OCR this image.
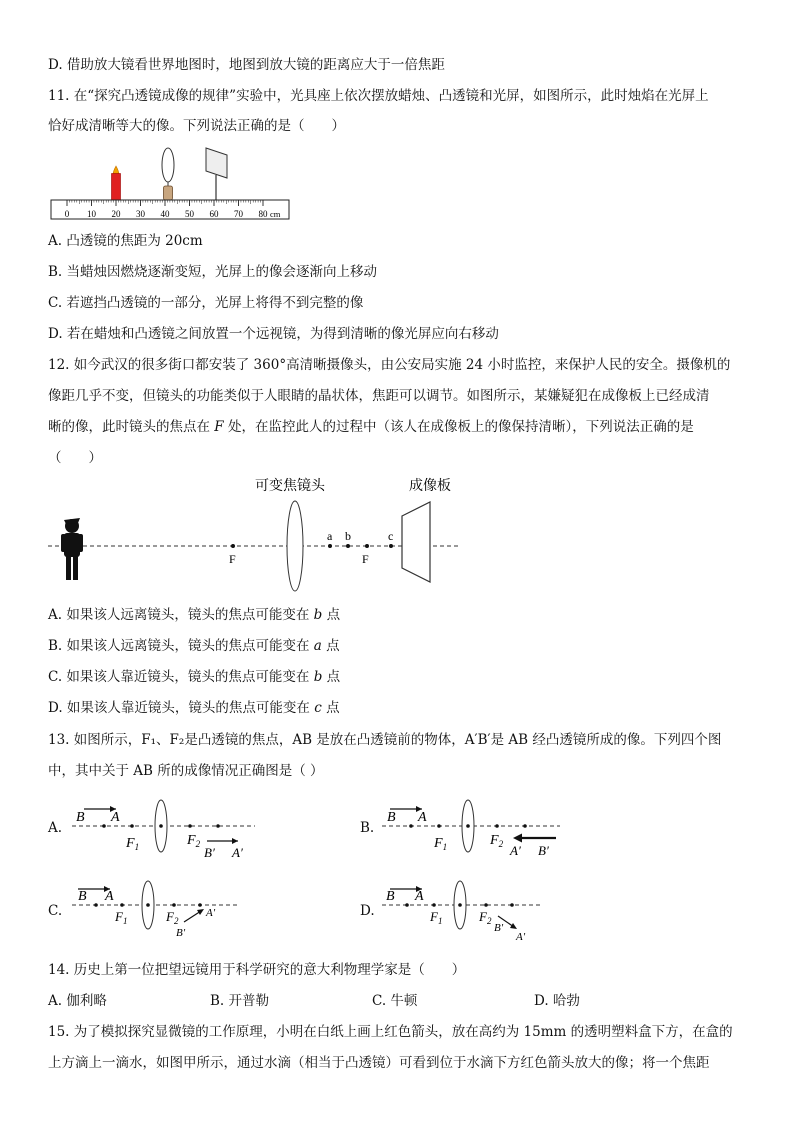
D. 借助放大镜看世界地图时，地图到放大镜的距离应大于一倍焦距
11. 在“探究凸透镜成像的规律”实验中，光具座上依次摆放蜡烛、凸透镜和光屏，如图所示，此时烛焰在光屏上
恰好成清晰等大的像。下列说法正确的是（　　）
0 10 20 30 40 50 60 70 80 cm
A. 凸透镜的焦距为 20cm
B. 当蜡烛因燃烧逐渐变短，光屏上的像会逐渐向上移动
C. 若遮挡凸透镜的一部分，光屏上将得不到完整的像
D. 若在蜡烛和凸透镜之间放置一个远视镜，为得到清晰的像光屏应向右移动
12. 如今武汉的很多街口都安装了 360°高清晰摄像头，由公安局实施 24 小时监控，来保护人民的安全。摄像机的
像距几乎不变，但镜头的功能类似于人眼睛的晶状体，焦距可以调节。如图所示，某嫌疑犯在成像板上已经成清
晰的像，此时镜头的焦点在 F 处，在监控此人的过程中（该人在成像板上的像保持清晰），下列说法正确的是
（　　）
可变焦镜头	成像板
F
a b
F
c
A. 如果该人远离镜头，镜头的焦点可能变在 b 点
B. 如果该人远离镜头，镜头的焦点可能变在 a 点
C. 如果该人靠近镜头，镜头的焦点可能变在 b 点
D. 如果该人靠近镜头，镜头的焦点可能变在 c 点
13. 如图所示，F₁、F₂是凸透镜的焦点，AB 是放在凸透镜前的物体，A′B′是 AB 经凸透镜所成的像。下列四个图
中，其中关于 AB 所的成像情况正确图是（ ）
A.
B A
$F_1$	$F_2$
B′ A′
B.
B A
$F_1$	$F_2$ A′ B′
C.
B A
$F_1$	$F_2$
A′
B′
D.
B A
$F_1$	$F_2$
B′
A′
14. 历史上第一位把望远镜用于科学研究的意大利物理学家是（　　）
A. 伽利略	B. 开普勒	C. 牛顿	D. 哈勃
15. 为了模拟探究显微镜的工作原理，小明在白纸上画上红色箭头，放在高约为 15mm 的透明塑料盒下方，在盒的
上方滴上一滴水，如图甲所示，通过水滴（相当于凸透镜）可看到位于水滴下方红色箭头放大的像；将一个焦距
